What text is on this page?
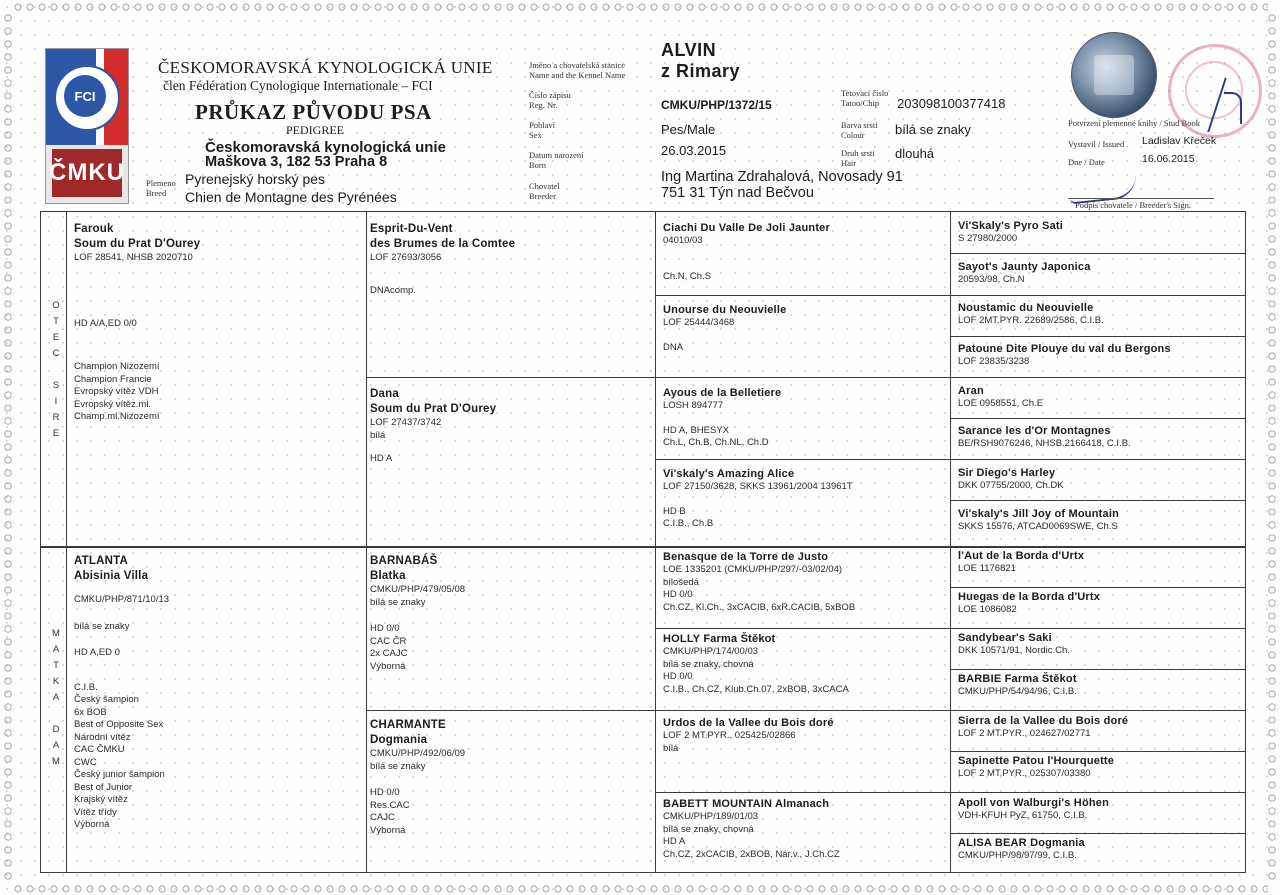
FCI
ČMKU
ČESKOMORAVSKÁ KYNOLOGICKÁ UNIE
člen Fédération Cynologique Internationale – FCI
PRŮKAZ PŮVODU PSA
PEDIGREE
Českomoravská kynologická unie
Maškova 3, 182 53 Praha 8
Plemeno
Breed
Pyrenejský horský pes
Chien de Montagne des Pyrénées
Jméno a chovatelská stanice
Name and the Kennel Name
Číslo zápisu
Reg. Nr.
Pohlaví
Sex
Datum narození
Born
Chovatel
Breeder
ALVIN
z Rimary
CMKU/PHP/1372/15
Pes/Male
26.03.2015
Ing Martina Zdrahalová, Novosady 91
751 31 Týn nad Bečvou
Tetovací číslo
Tatoo/Chip
Barva srsti
Colour
Druh srsti
Hair
203098100377418
bílá se znaky
dlouhá
Potvrzení plemenné knihy / Stud Book
Vystavil / Issued Ladislav Křeček
Dne / Date	16.06.2015
Podpis chovatele / Breeder's Sign.
O
T
E
C

S
I
R
E
M
A
T
K
A

D
A
M
Farouk
Soum du Prat D'Ourey
LOF 28541, NHSB 2020710
HD A/A,ED 0/0
Champion Nizozemí
Champion Francie
Evropský vítěz VDH
Evropský vítěz.ml.
Champ.ml.Nizozemí
ATLANTA
Abisinia Villa
CMKU/PHP/871/10/13
bílá se znaky
HD A,ED 0
C.I.B.
Český šampion
6x BOB
Best of Opposite Sex
Národní vítěz
CAC ČMKU
CWC
Český junior šampion
Best of Junior
Krajský vítěz
Vítěz třídy
Výborná
Esprit-Du-Vent
des Brumes de la Comtee
LOF 27693/3056
DNAcomp.
Dana
Soum du Prat D'Ourey
LOF 27437/3742
bílá
HD A
BARNABÁŠ
Blatka
CMKU/PHP/479/05/08
bílá se znaky
HD 0/0
CAC ČR
2x CAJC
Výborná
CHARMANTE
Dogmania
CMKU/PHP/492/06/09
bílá se znaky
HD 0/0
Res.CAC
CAJC
Výborná
Ciachi Du Valle De Joli Jaunter
04010/03
Ch.N, Ch.S
Unourse du Neouvielle
LOF 25444/3468
DNA
Ayous de la Belletiere
LOSH 894777
HD A, BHESYX
Ch.L, Ch.B, Ch.NL, Ch.D
Vi'skaly's Amazing Alice
LOF 27150/3628, SKKS 13961/2004 13961T
HD B
C.I.B., Ch.B
Benasque de la Torre de Justo
LOE 1335201 (CMKU/PHP/297/-03/02/04)
bílošedá
HD 0/0
Ch.CZ, Kl.Ch., 3xCACIB, 6xR.CACIB, 5xBOB
HOLLY Farma Štěkot
CMKU/PHP/174/00/03
bílá se znaky, chovná
HD 0/0
C.I.B., Ch.CZ, Klub.Ch.07, 2xBOB, 3xCACA
Urdos de la Vallee du Bois doré
LOF 2 MT.PYR., 025425/02866
bílá
BABETT MOUNTAIN Almanach
CMKU/PHP/189/01/03
bílá se znaky, chovná
HD A
Ch.CZ, 2xCACIB, 2xBOB, Nár.v., J.Ch.CZ
Vi'Skaly's Pyro Sati
S 27980/2000
Sayot's Jaunty Japonica
20593/98, Ch.N
Noustamic du Neouvielle
LOF 2MT.PYR. 22689/2586, C.I.B.
Patoune Dite Plouye du val du Bergons
LOF 23835/3238
Aran
LOE 0958551, Ch.E
Sarance les d'Or Montagnes
BE/RSH9076246, NHSB.2166418, C.I.B.
Sir Diego's Harley
DKK 07755/2000, Ch.DK
Vi'skaly's Jill Joy of Mountain
SKKS 15576, ATCAD0069SWE, Ch.S
l'Aut de la Borda d'Urtx
LOE 1176821
Huegas de la Borda d'Urtx
LOE 1086082
Sandybear's Saki
DKK 10571/91, Nordic.Ch.
BARBIE Farma Štěkot
CMKU/PHP/54/94/96, C.I.B.
Sierra de la Vallee du Bois doré
LOF 2 MT.PYR., 024627/02771
Sapinette Patou l'Hourquette
LOF 2 MT.PYR., 025307/03380
Apoll von Walburgi's Höhen
VDH-KFUH PyZ, 61750, C.I.B.
ALISA BEAR Dogmania
CMKU/PHP/98/97/99, C.I.B.
